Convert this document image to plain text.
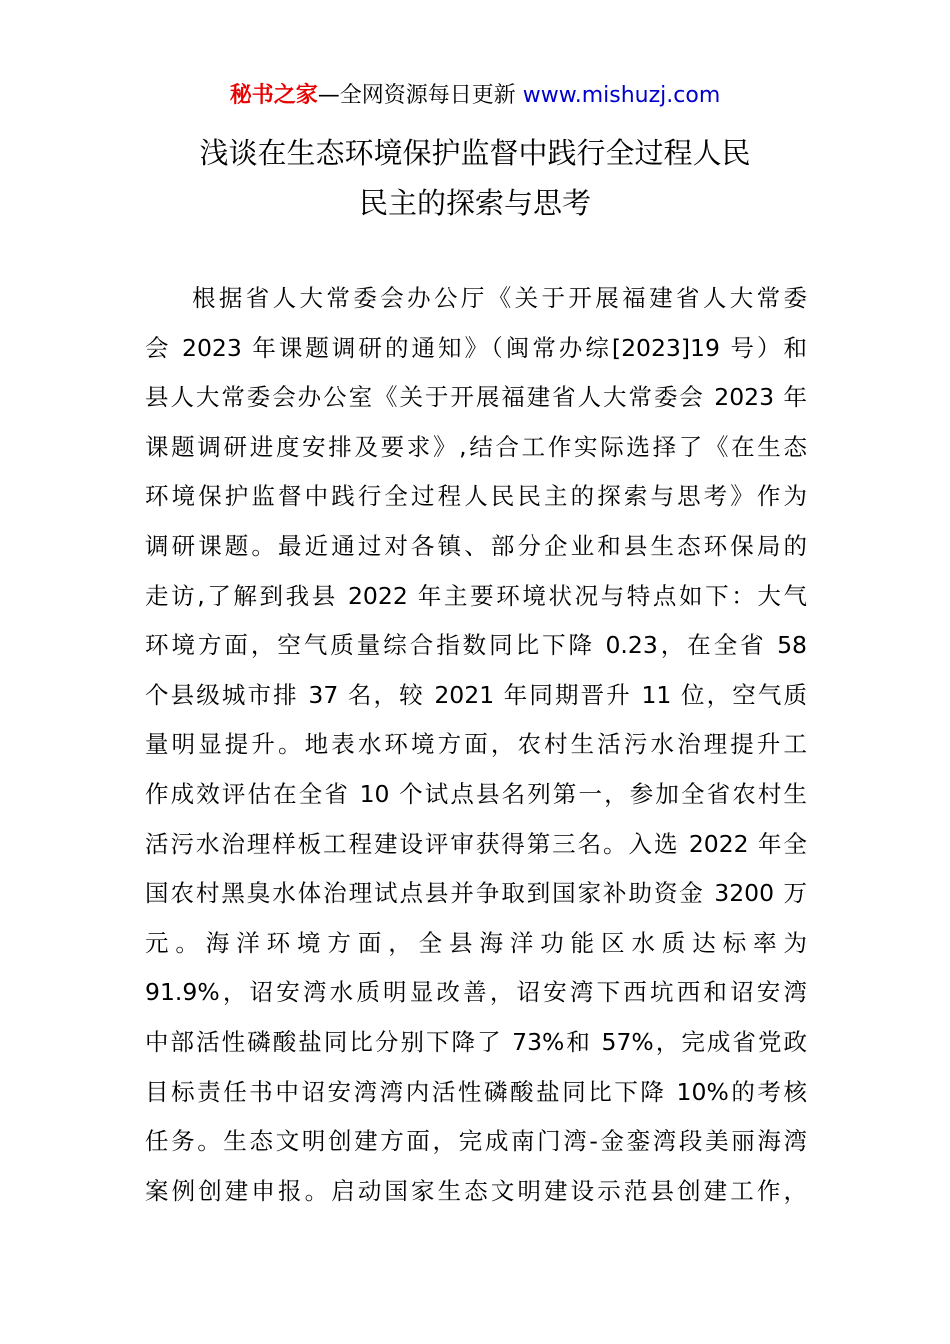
秘书之家—全网资源每日更新 www.mishuzj.com
浅谈在生态环境保护监督中践行全过程人民
民主的探索与思考
根据省人大常委会办公厅《关于开展福建省人大常委
会 2023 年课题调研的通知》（闽常办综[2023]19 号）和
县人大常委会办公室《关于开展福建省人大常委会 2023 年
课题调研进度安排及要求》,结合工作实际选择了《在生态
环境保护监督中践行全过程人民民主的探索与思考》作为
调研课题。最近通过对各镇、部分企业和县生态环保局的
走访,了解到我县 2022 年主要环境状况与特点如下：大气
环境方面，空气质量综合指数同比下降 0.23，在全省 58
个县级城市排 37 名，较 2021 年同期晋升 11 位，空气质
量明显提升。地表水环境方面，农村生活污水治理提升工
作成效评估在全省 10 个试点县名列第一，参加全省农村生
活污水治理样板工程建设评审获得第三名。入选 2022 年全
国农村黑臭水体治理试点县并争取到国家补助资金 3200 万
元。海洋环境方面，全县海洋功能区水质达标率为
91.9%，诏安湾水质明显改善，诏安湾下西坑西和诏安湾
中部活性磷酸盐同比分别下降了 73%和 57%，完成省党政
目标责任书中诏安湾湾内活性磷酸盐同比下降 10%的考核
任务。生态文明创建方面，完成南门湾-金銮湾段美丽海湾
案例创建申报。启动国家生态文明建设示范县创建工作，
